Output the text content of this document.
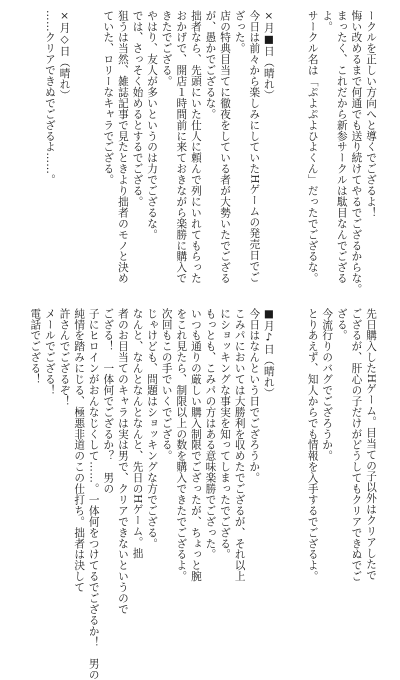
ークルを正しい方向へと導くでござるよ！
悔い改めるまで何通でも送り続けてやるでござるからな。
まったく、これだから新参サークルは駄目なんでござる
よ。
サークル名は「ぷよぷよひよくん」だったでござるな。

×月■日（晴れ）
今日は前々から楽しみにしていたHゲームの発売日でご
ざった。
店の特典目当てに徹夜をしている者が大勢いたでござる
が、愚かでござるな。
拙者なら、先頭にいた仕人に頼んで列にいれてもらった
おかげで、開店１時間前に来ておきながら楽勝に購入で
きたでござる。
やはり、友人が多いというのは力でござるな。
では、さっそく始めるとするでござる。
狙うは当然、雑誌記事で見たときより拙者のモノと決め
ていた、ロリーなキャラでござる。

×月◇日（晴れ）
……クリアできぬでござるよ……。
先日購入したHゲーム。目当ての子以外はクリアしたで
ござるが、肝心の子だけがどうしてもクリアできぬでご
ざる。
今流行りのバグでござろうか。
とりあえず、知人からでも情報を入手するでござるよ。

■月♪日（晴れ）
今日はなんという日でござろうか。
こみパにおいては大勝利を収めたでござるが、それ以上
にショッキングな事実を知ってしまったでござる。
もっとも、こみパの方はある意味楽勝でござった。
いつも通りの厳しい購入制限でござったが、ちょっと腕
をこれ見たら、制限以上の数を購入できたでござるよ。
次回もこの手でいくでござる。
じゃけども、問題はショッキングな方でござる。
なんと、なんとなんとなんと、先日のHゲーム。拙
者のお目当てのキャラは実は男で、クリアできないというので
ござる！　一体何でござるか？　男の
子にヒロインがおんなじくして……。一体何をつけてるでござるか！　男の
純情を踏みにじる、極悪非道のこの仕打ち。拙者は決して
許さんでござるぞ！
メールでござる！
電話でござる！
